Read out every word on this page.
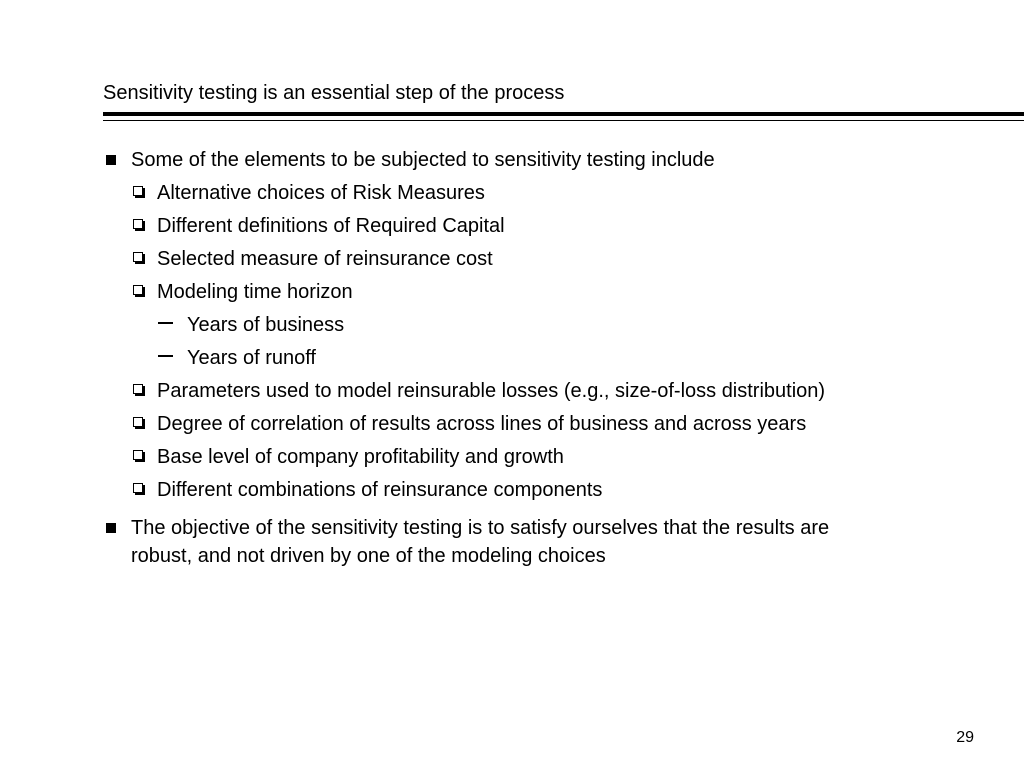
Sensitivity testing is an essential step of the process
Some of the elements to be subjected to sensitivity testing include
Alternative choices of Risk Measures
Different definitions of Required Capital
Selected measure of reinsurance cost
Modeling time horizon
Years of business
Years of runoff
Parameters used to model reinsurable losses (e.g., size-of-loss distribution)
Degree of correlation of results across lines of business and across years
Base level of company profitability and growth
Different combinations of reinsurance components
The objective of the sensitivity testing is to satisfy ourselves that the results are
robust, and not driven by one of the modeling choices
29
